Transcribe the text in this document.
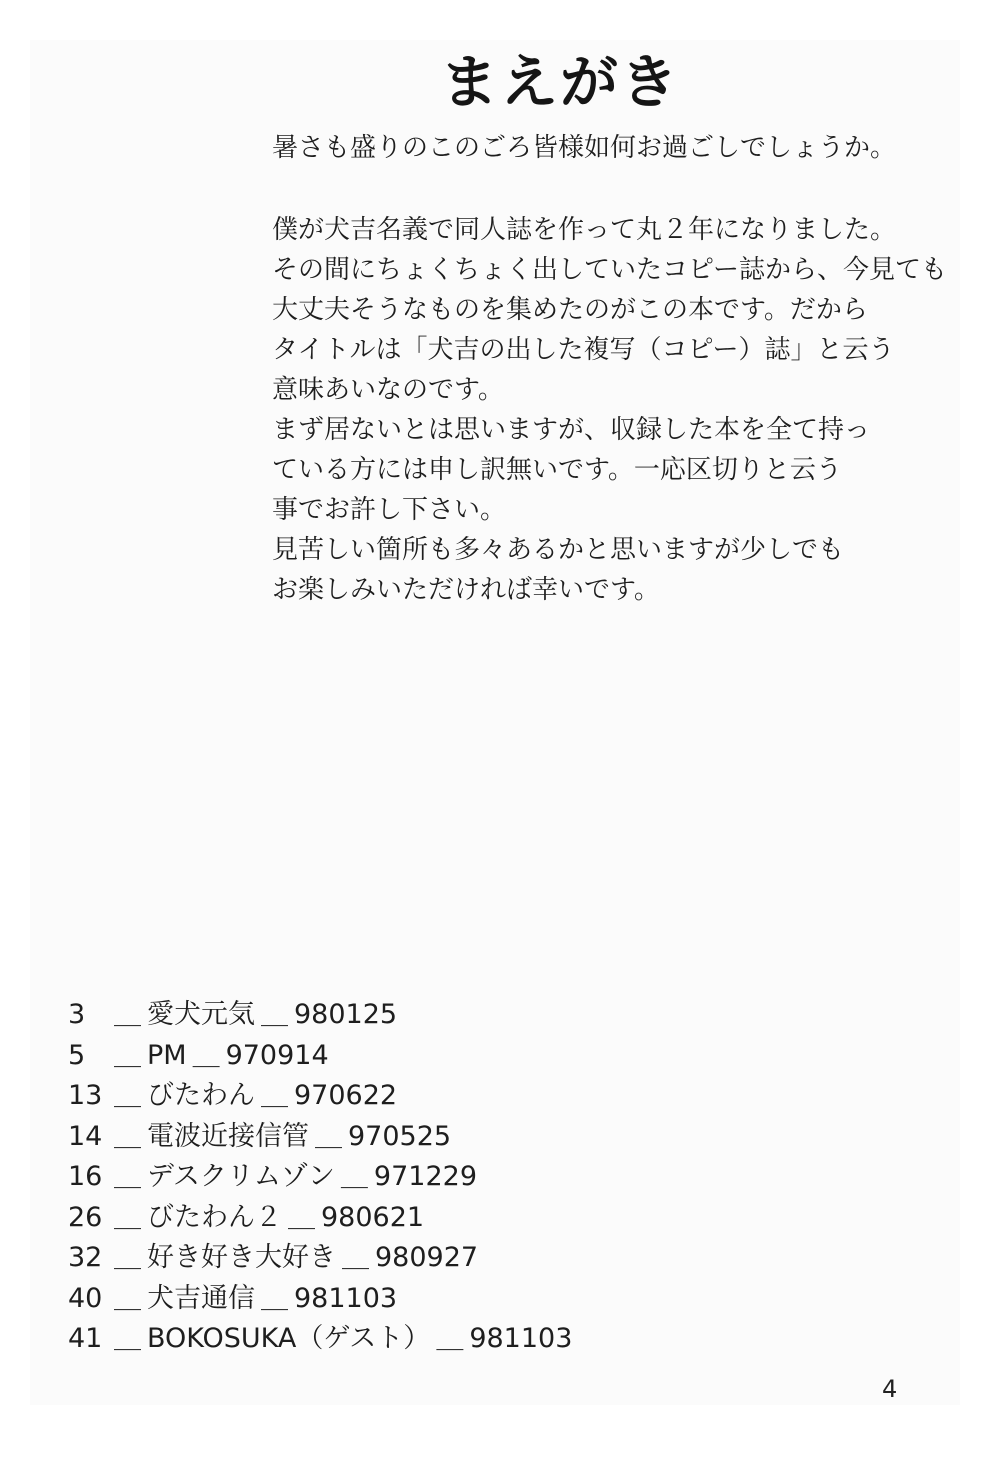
まえがき
暑さも盛りのこのごろ皆様如何お過ごしでしょうか。
僕が犬吉名義で同人誌を作って丸２年になりました。
その間にちょくちょく出していたコピー誌から、今見ても
大丈夫そうなものを集めたのがこの本です。だから
タイトルは「犬吉の出した複写（コピー）誌」と云う
意味あいなのです。
まず居ないとは思いますが、収録した本を全て持っ
ている方には申し訳無いです。一応区切りと云う
事でお許し下さい。
見苦しい箇所も多々あるかと思いますが少しでも
お楽しみいただければ幸いです。
3	＿ 愛犬元気 ＿ 980125
5	＿ PM ＿ 970914
13 ＿ びたわん ＿ 970622
14 ＿ 電波近接信管 ＿ 970525
16 ＿ デスクリムゾン ＿ 971229
26 ＿ びたわん２ ＿ 980621
32 ＿ 好き好き大好き ＿ 980927
40 ＿ 犬吉通信 ＿ 981103
41 ＿ BOKOSUKA（ゲスト） ＿ 981103
4
